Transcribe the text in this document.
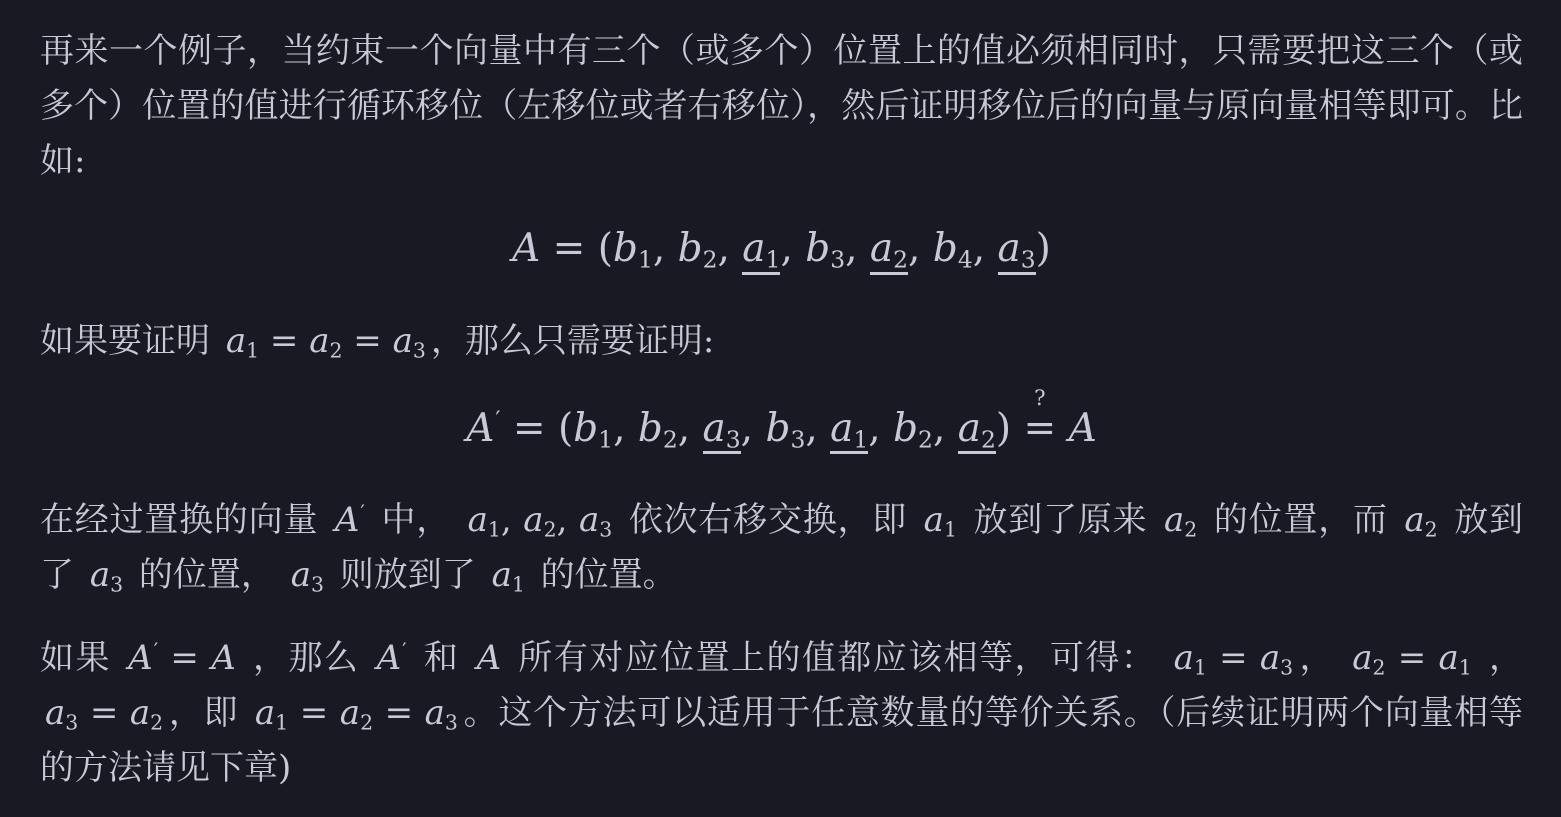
再来一个例子，当约束一个向量中有三个（或多个）位置上的值必须相同时，只需要把这三个（或多个）位置的值进行循环移位（左移位或者右移位），然后证明移位后的向量与原向量相等即可。比如:

$A = (b_1$, $b_2$, $a_1$, $b_3$, $a_2$, $b_4$, $a_3$)

如果要证明 $a_1 = a_2 = a_3$ ，那么只需要证明:

$A' = (b_1$, $b_2$, $a_3$, $b_3$, $a_1$, $b_2$, $a_2$) =
?
A

在经过置换的向量 A′ 中， $a_1$, $a_2$, $a_3$ 依次右移交换，即 $a_1$ 放到了原来 $a_2$ 的位置，而 $a_2$ 放到了 $a_3$ 的位置， $a_3$ 则放到了 $a_1$ 的位置。

如果 A′ = A ，那么 A′ 和 A 所有对应位置上的值都应该相等，可得： $a_1 = a_3$ ， $a_2 = a_1$ ， $a_3 = a_2$ ，即 $a_1 = a_2 = a_3$ 。这个方法可以适用于任意数量的等价关系。（后续证明两个向量相等的方法请见下章)
